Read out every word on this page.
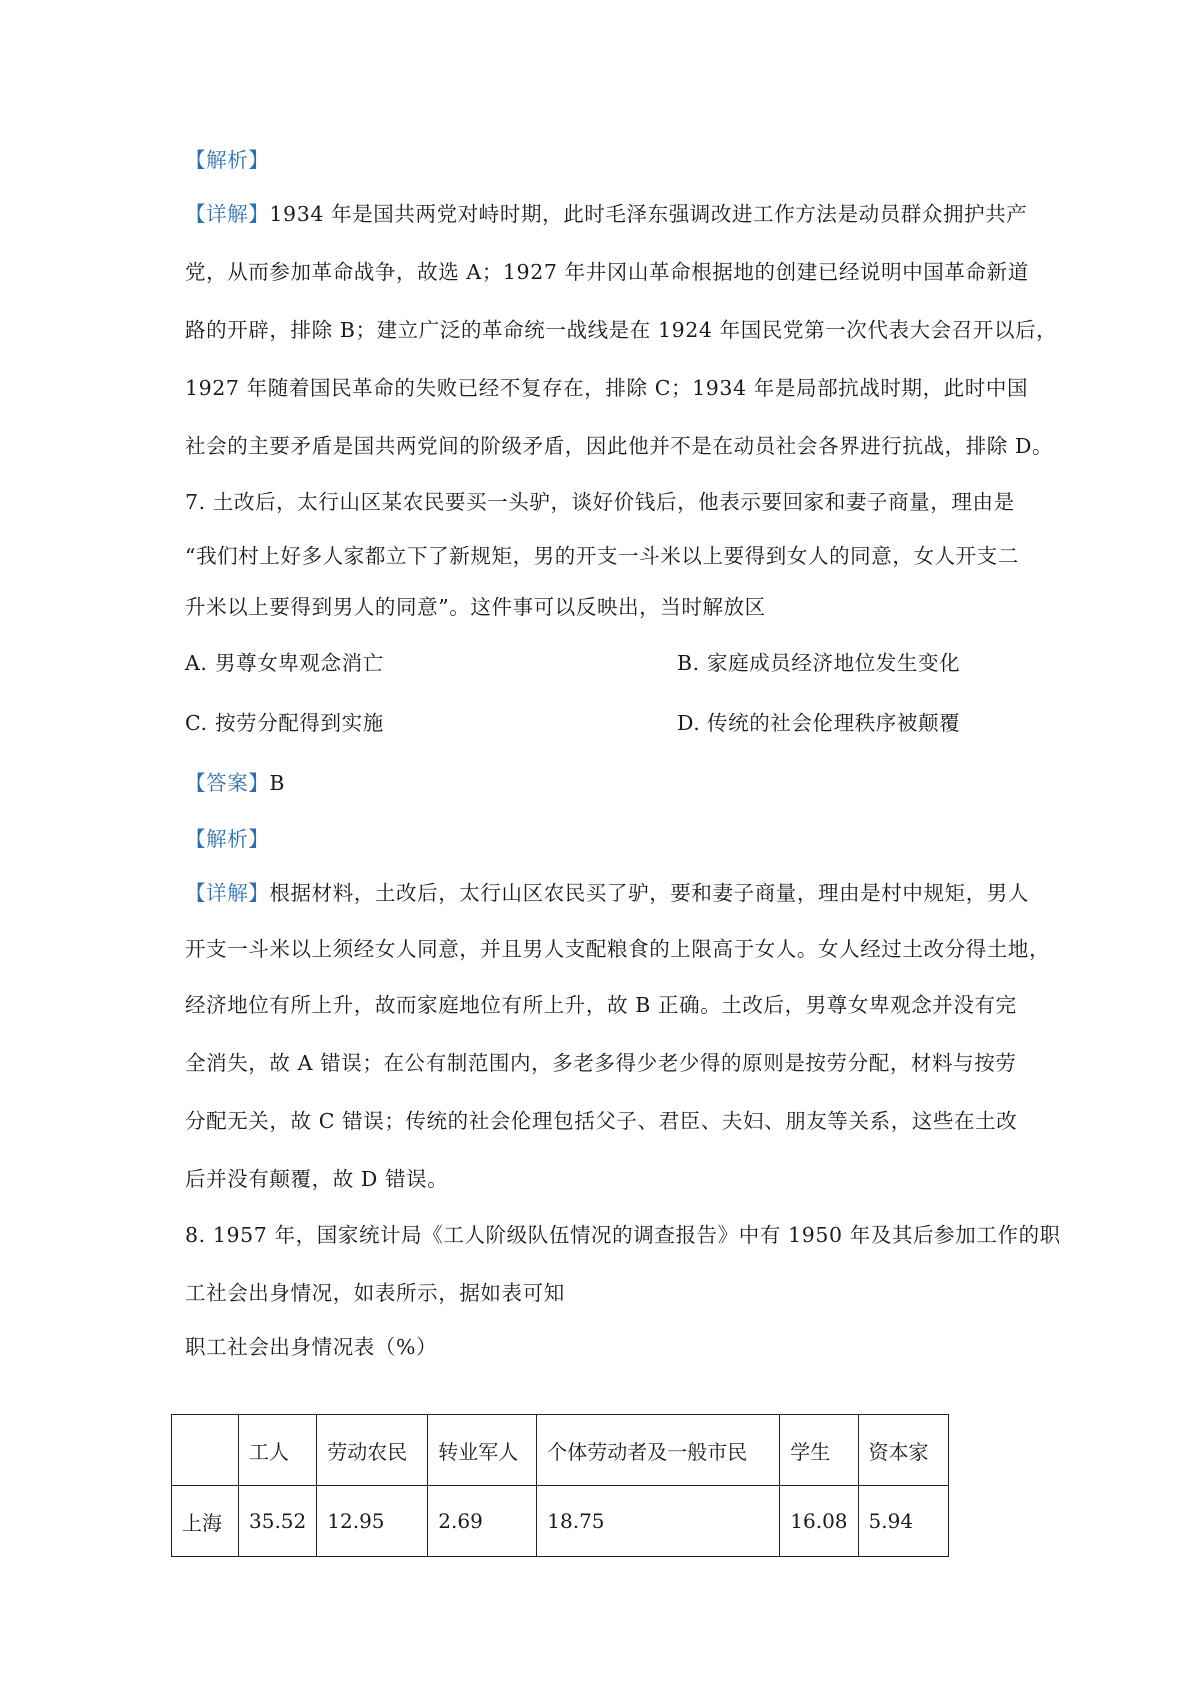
【解析】
【详解】1934 年是国共两党对峙时期，此时毛泽东强调改进工作方法是动员群众拥护共产
党，从而参加革命战争，故选 A；1927 年井冈山革命根据地的创建已经说明中国革命新道
路的开辟，排除 B；建立广泛的革命统一战线是在 1924 年国民党第一次代表大会召开以后，
1927 年随着国民革命的失败已经不复存在，排除 C；1934 年是局部抗战时期，此时中国
社会的主要矛盾是国共两党间的阶级矛盾，因此他并不是在动员社会各界进行抗战，排除 D。
7. 土改后，太行山区某农民要买一头驴，谈好价钱后，他表示要回家和妻子商量，理由是
“我们村上好多人家都立下了新规矩，男的开支一斗米以上要得到女人的同意，女人开支二
升米以上要得到男人的同意”。这件事可以反映出，当时解放区
A. 男尊女卑观念消亡	B. 家庭成员经济地位发生变化
C. 按劳分配得到实施	D. 传统的社会伦理秩序被颠覆
【答案】B
【解析】
【详解】根据材料，土改后，太行山区农民买了驴，要和妻子商量，理由是村中规矩，男人
开支一斗米以上须经女人同意，并且男人支配粮食的上限高于女人。女人经过土改分得土地，
经济地位有所上升，故而家庭地位有所上升，故 B 正确。土改后，男尊女卑观念并没有完
全消失，故 A 错误；在公有制范围内，多老多得少老少得的原则是按劳分配，材料与按劳
分配无关，故 C 错误；传统的社会伦理包括父子、君臣、夫妇、朋友等关系，这些在土改
后并没有颠覆，故 D 错误。
8. 1957 年，国家统计局《工人阶级队伍情况的调查报告》中有 1950 年及其后参加工作的职
工社会出身情况，如表所示，据如表可知
职工社会出身情况表（%）
	工人	劳动农民	转业军人	个体劳动者及一般市民	学生	资本家
上海	35.52	12.95	2.69	18.75	16.08	5.94
